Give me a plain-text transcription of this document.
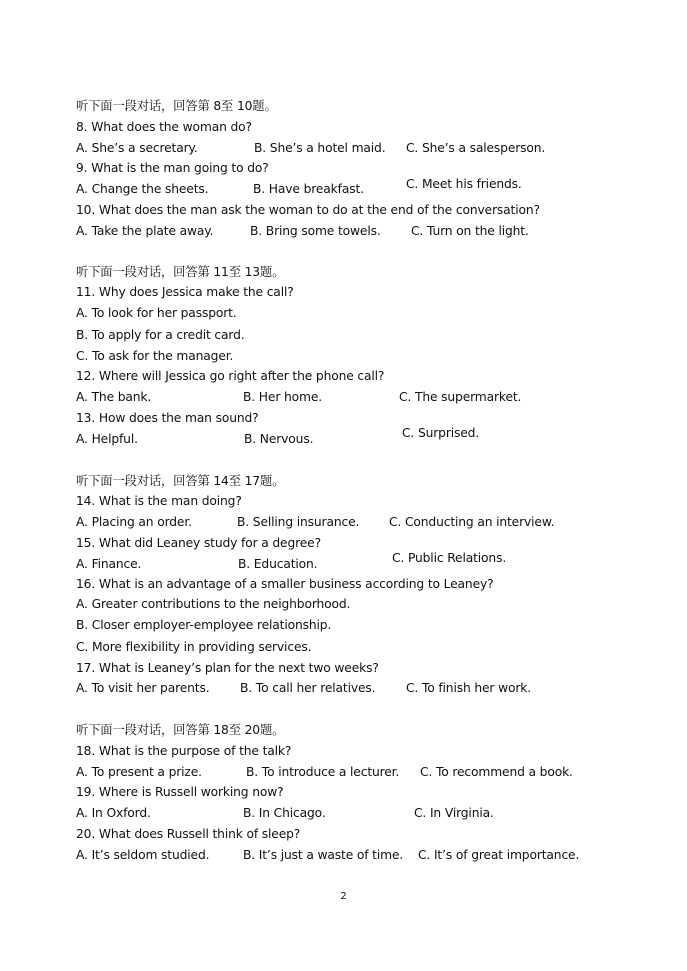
听下面一段对话，回答第 8至 10题。
8. What does the woman do?
A. She’s a secretary.	B. She’s a hotel maid. C. She’s a salesperson.
9. What is the man going to do?
A. Change the sheets.	B. Have breakfast.	C. Meet his friends.
10. What does the man ask the woman to do at the end of the conversation?
A. Take the plate away.	B. Bring some towels. C. Turn on the light.
听下面一段对话，回答第 11至 13题。
11. Why does Jessica make the call?
A. To look for her passport.
B. To apply for a credit card.
C. To ask for the manager.
12. Where will Jessica go right after the phone call?
A. The bank.	B. Her home.	C. The supermarket.
13. How does the man sound?
A. Helpful.	B. Nervous.	C. Surprised.
听下面一段对话，回答第 14至 17题。
14. What is the man doing?
A. Placing an order.	B. Selling insurance. C. Conducting an interview.
15. What did Leaney study for a degree?
A. Finance.	B. Education.	C. Public Relations.
16. What is an advantage of a smaller business according to Leaney?
A. Greater contributions to the neighborhood.
B. Closer employer-employee relationship.
C. More flexibility in providing services.
17. What is Leaney’s plan for the next two weeks?
A. To visit her parents. B. To call her relatives. C. To finish her work.
听下面一段对话，回答第 18至 20题。
18. What is the purpose of the talk?
A. To present a prize.	B. To introduce a lecturer. C. To recommend a book.
19. Where is Russell working now?
A. In Oxford.	B. In Chicago.	C. In Virginia.
20. What does Russell think of sleep?
A. It’s seldom studied.	B. It’s just a waste of time. C. It’s of great importance.
2
